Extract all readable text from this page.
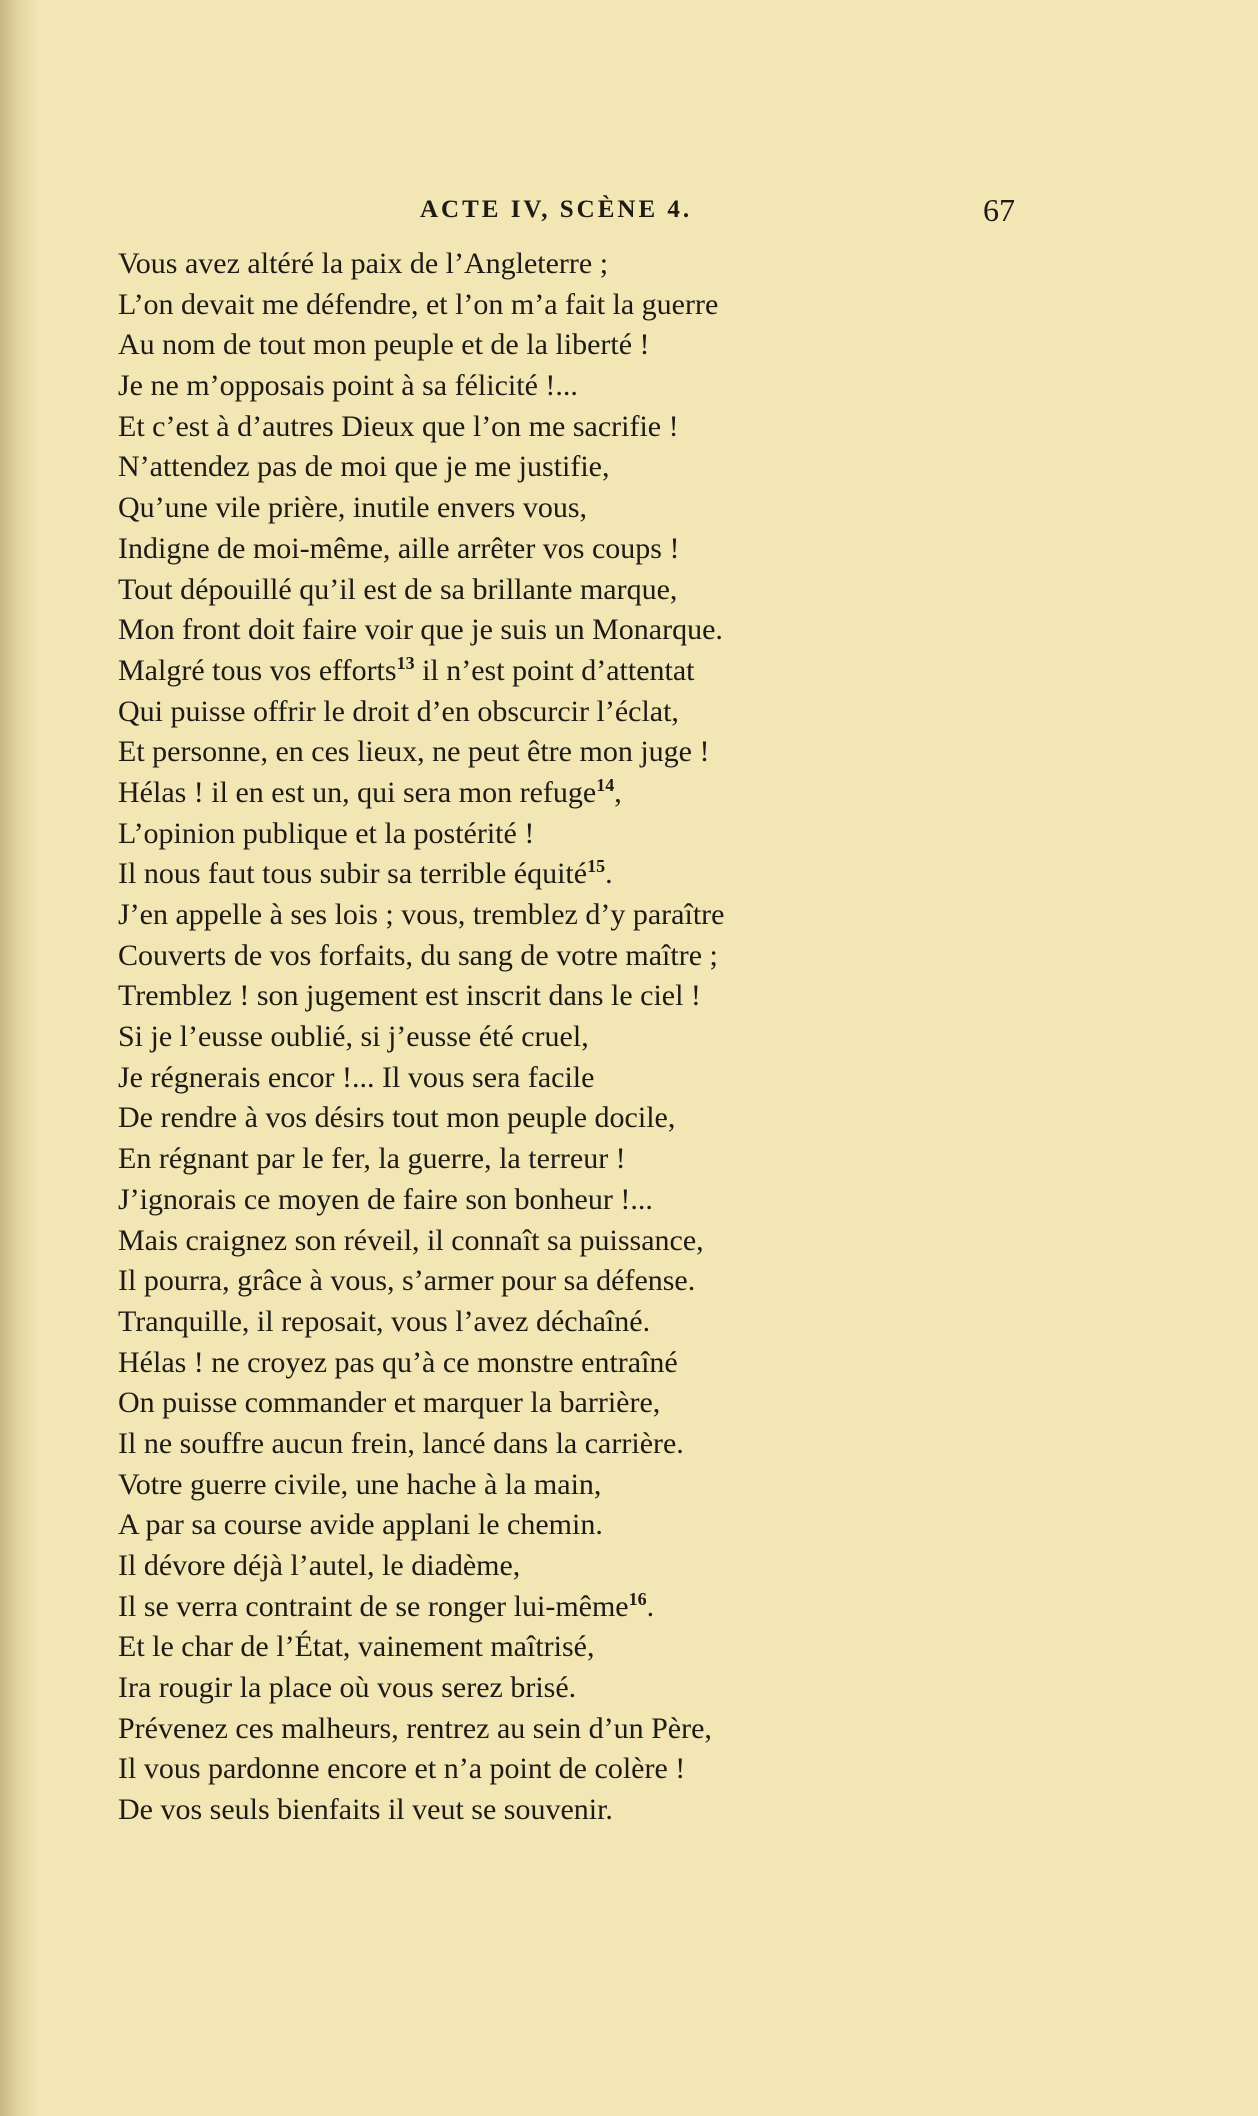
ACTE IV, SCÈNE 4.	67
Vous avez altéré la paix de l’Angleterre ;
L’on devait me défendre, et l’on m’a fait la guerre
Au nom de tout mon peuple et de la liberté !
Je ne m’opposais point à sa félicité !...
Et c’est à d’autres Dieux que l’on me sacrifie !
N’attendez pas de moi que je me justifie,
Qu’une vile prière, inutile envers vous,
Indigne de moi-même, aille arrêter vos coups !
Tout dépouillé qu’il est de sa brillante marque,
Mon front doit faire voir que je suis un Monarque.
Malgré tous vos efforts$^{13}$ il n’est point d’attentat
Qui puisse offrir le droit d’en obscurcir l’éclat,
Et personne, en ces lieux, ne peut être mon juge !
Hélas ! il en est un, qui sera mon refuge$^{14}$,
L’opinion publique et la postérité !
Il nous faut tous subir sa terrible équité$^{15}$.
J’en appelle à ses lois ; vous, tremblez d’y paraître
Couverts de vos forfaits, du sang de votre maître ;
Tremblez ! son jugement est inscrit dans le ciel !
Si je l’eusse oublié, si j’eusse été cruel,
Je régnerais encor !... Il vous sera facile
De rendre à vos désirs tout mon peuple docile,
En régnant par le fer, la guerre, la terreur !
J’ignorais ce moyen de faire son bonheur !...
Mais craignez son réveil, il connaît sa puissance,
Il pourra, grâce à vous, s’armer pour sa défense.
Tranquille, il reposait, vous l’avez déchaîné.
Hélas ! ne croyez pas qu’à ce monstre entraîné
On puisse commander et marquer la barrière,
Il ne souffre aucun frein, lancé dans la carrière.
Votre guerre civile, une hache à la main,
A par sa course avide applani le chemin.
Il dévore déjà l’autel, le diadème,
Il se verra contraint de se ronger lui-même$^{16}$.
Et le char de l’État, vainement maîtrisé,
Ira rougir la place où vous serez brisé.
Prévenez ces malheurs, rentrez au sein d’un Père,
Il vous pardonne encore et n’a point de colère !
De vos seuls bienfaits il veut se souvenir.
